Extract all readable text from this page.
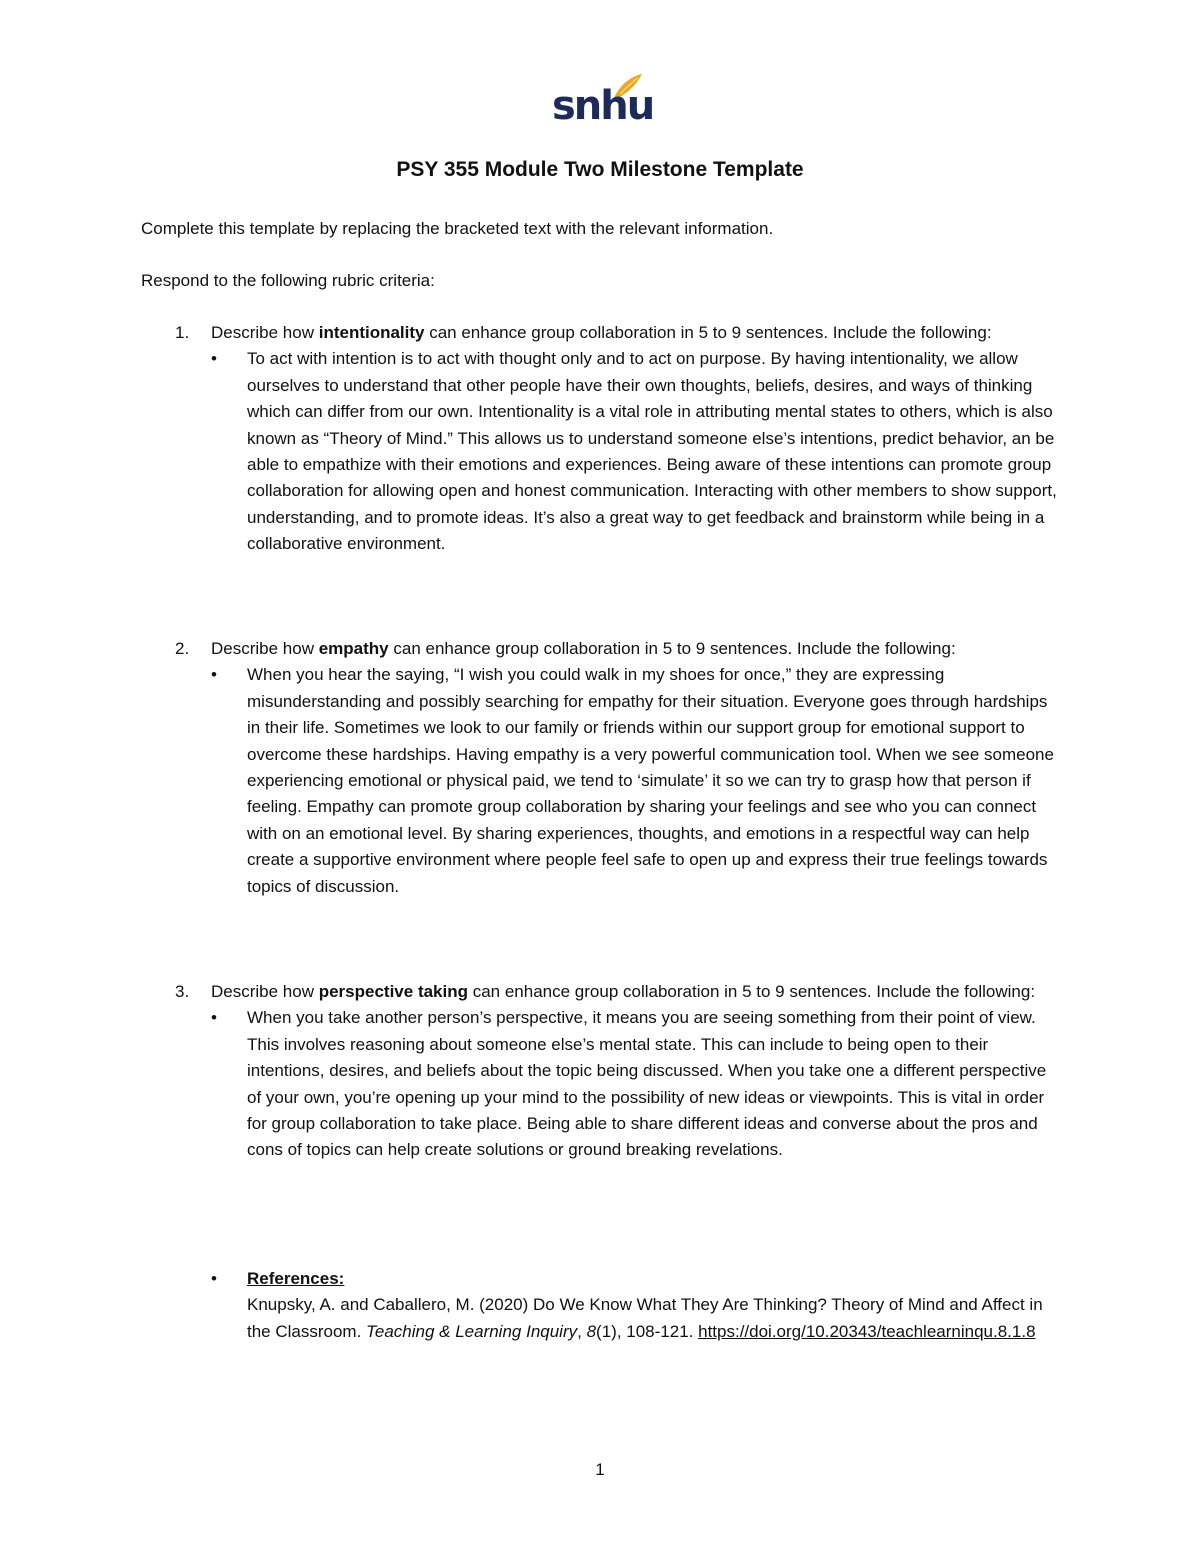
snhu
PSY 355 Module Two Milestone Template
Complete this template by replacing the bracketed text with the relevant information.
Respond to the following rubric criteria:
1. Describe how intentionality can enhance group collaboration in 5 to 9 sentences. Include the following:
• To act with intention is to act with thought only and to act on purpose. By having intentionality, we allow ourselves to understand that other people have their own thoughts, beliefs, desires, and ways of thinking which can differ from our own. Intentionality is a vital role in attributing mental states to others, which is also known as “Theory of Mind.” This allows us to understand someone else’s intentions, predict behavior, an be able to empathize with their emotions and experiences. Being aware of these intentions can promote group collaboration for allowing open and honest communication. Interacting with other members to show support, understanding, and to promote ideas. It’s also a great way to get feedback and brainstorm while being in a collaborative environment.
2. Describe how empathy can enhance group collaboration in 5 to 9 sentences. Include the following:
• When you hear the saying, “I wish you could walk in my shoes for once,” they are expressing misunderstanding and possibly searching for empathy for their situation. Everyone goes through hardships in their life. Sometimes we look to our family or friends within our support group for emotional support to overcome these hardships. Having empathy is a very powerful communication tool. When we see someone experiencing emotional or physical paid, we tend to ‘simulate’ it so we can try to grasp how that person if feeling. Empathy can promote group collaboration by sharing your feelings and see who you can connect with on an emotional level. By sharing experiences, thoughts, and emotions in a respectful way can help create a supportive environment where people feel safe to open up and express their true feelings towards topics of discussion.
3. Describe how perspective taking can enhance group collaboration in 5 to 9 sentences. Include the following:
• When you take another person’s perspective, it means you are seeing something from their point of view. This involves reasoning about someone else’s mental state. This can include to being open to their intentions, desires, and beliefs about the topic being discussed. When you take one a different perspective of your own, you’re opening up your mind to the possibility of new ideas or viewpoints. This is vital in order for group collaboration to take place. Being able to share different ideas and converse about the pros and cons of topics can help create solutions or ground breaking revelations.
• References:
Knupsky, A. and Caballero, M. (2020) Do We Know What They Are Thinking? Theory of Mind and Affect in the Classroom. Teaching & Learning Inquiry, 8(1), 108-121. https://doi.org/10.20343/teachlearninqu.8.1.8
1
